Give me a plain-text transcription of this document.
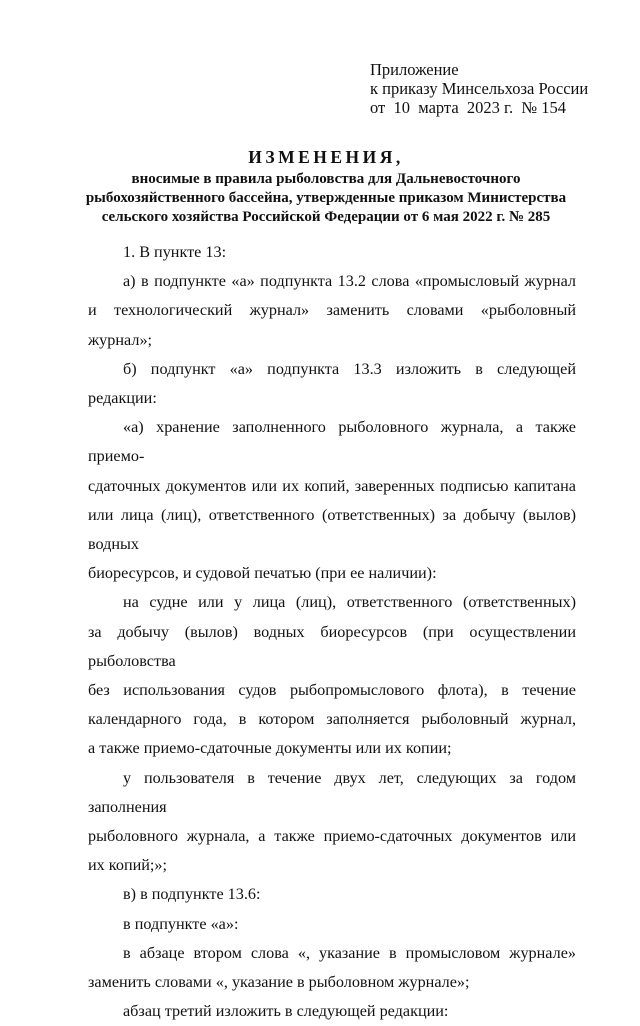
Приложение
к приказу Минсельхоза России
от  10  марта  2023 г.  № 154
ИЗМЕНЕНИЯ,
вносимые в правила рыболовства для Дальневосточного
рыбохозяйственного бассейна, утвержденные приказом Министерства
сельского хозяйства Российской Федерации от 6 мая 2022 г. № 285
1. В пункте 13:
а) в подпункте «а» подпункта 13.2 слова «промысловый журнал
и технологический журнал» заменить словами «рыболовный журнал»;
б) подпункт «а» подпункта 13.3 изложить в следующей редакции:
«а) хранение заполненного рыболовного журнала, а также приемо-
сдаточных документов или их копий, заверенных подписью капитана
или лица (лиц), ответственного (ответственных) за добычу (вылов) водных
биоресурсов, и судовой печатью (при ее наличии):
на судне или у лица (лиц), ответственного (ответственных)
за добычу (вылов) водных биоресурсов (при осуществлении рыболовства
без использования судов рыбопромыслового флота), в течение
календарного года, в котором заполняется рыболовный журнал,
а также приемо-сдаточные документы или их копии;
у пользователя в течение двух лет, следующих за годом заполнения
рыболовного журнала, а также приемо-сдаточных документов или
их копий;»;
в) в подпункте 13.6:
в подпункте «а»:
в абзаце втором слова «, указание в промысловом журнале»
заменить словами «, указание в рыболовном журнале»;
абзац третий изложить в следующей редакции:
